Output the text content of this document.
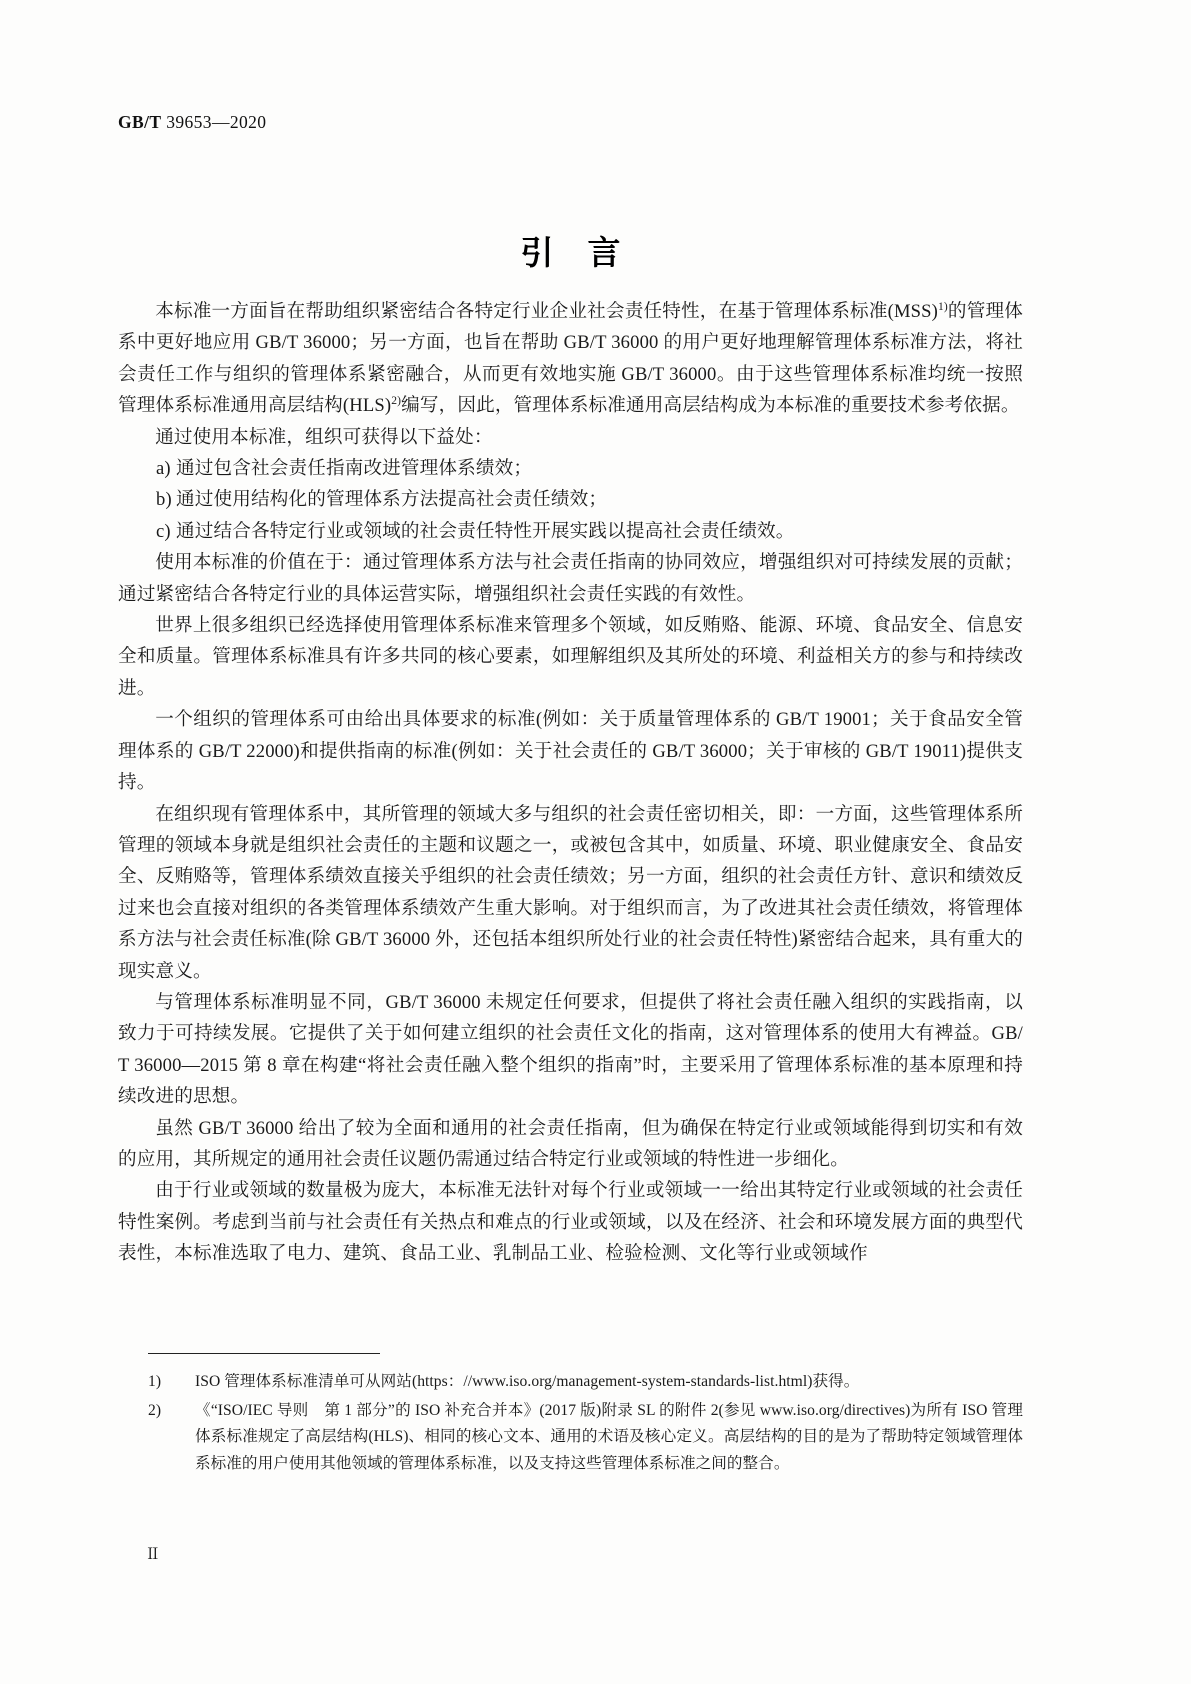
GB/T 39653—2020
引言

本标准一方面旨在帮助组织紧密结合各特定行业企业社会责任特性，在基于管理体系标准(MSS)$^{1)}$的管理体系中更好地应用 GB/T 36000；另一方面，也旨在帮助 GB/T 36000 的用户更好地理解管理体系标准方法，将社会责任工作与组织的管理体系紧密融合，从而更有效地实施 GB/T 36000。由于这些管理体系标准均统一按照管理体系标准通用高层结构(HLS)$^{2)}$编写，因此，管理体系标准通用高层结构成为本标准的重要技术参考依据。

通过使用本标准，组织可获得以下益处：

a) 通过包含社会责任指南改进管理体系绩效；
b) 通过使用结构化的管理体系方法提高社会责任绩效；
c) 通过结合各特定行业或领域的社会责任特性开展实践以提高社会责任绩效。

使用本标准的价值在于：通过管理体系方法与社会责任指南的协同效应，增强组织对可持续发展的贡献；通过紧密结合各特定行业的具体运营实际，增强组织社会责任实践的有效性。

世界上很多组织已经选择使用管理体系标准来管理多个领域，如反贿赂、能源、环境、食品安全、信息安全和质量。管理体系标准具有许多共同的核心要素，如理解组织及其所处的环境、利益相关方的参与和持续改进。

一个组织的管理体系可由给出具体要求的标准(例如：关于质量管理体系的 GB/T 19001；关于食品安全管理体系的 GB/T 22000)和提供指南的标准(例如：关于社会责任的 GB/T 36000；关于审核的 GB/T 19011)提供支持。

在组织现有管理体系中，其所管理的领域大多与组织的社会责任密切相关，即：一方面，这些管理体系所管理的领域本身就是组织社会责任的主题和议题之一，或被包含其中，如质量、环境、职业健康安全、食品安全、反贿赂等，管理体系绩效直接关乎组织的社会责任绩效；另一方面，组织的社会责任方针、意识和绩效反过来也会直接对组织的各类管理体系绩效产生重大影响。对于组织而言，为了改进其社会责任绩效，将管理体系方法与社会责任标准(除 GB/T 36000 外，还包括本组织所处行业的社会责任特性)紧密结合起来，具有重大的现实意义。

与管理体系标准明显不同，GB/T 36000 未规定任何要求，但提供了将社会责任融入组织的实践指南，以致力于可持续发展。它提供了关于如何建立组织的社会责任文化的指南，这对管理体系的使用大有裨益。GB/T 36000—2015 第 8 章在构建“将社会责任融入整个组织的指南”时，主要采用了管理体系标准的基本原理和持续改进的思想。

虽然 GB/T 36000 给出了较为全面和通用的社会责任指南，但为确保在特定行业或领域能得到切实和有效的应用，其所规定的通用社会责任议题仍需通过结合特定行业或领域的特性进一步细化。

由于行业或领域的数量极为庞大，本标准无法针对每个行业或领域一一给出其特定行业或领域的社会责任特性案例。考虑到当前与社会责任有关热点和难点的行业或领域，以及在经济、社会和环境发展方面的典型代表性，本标准选取了电力、建筑、食品工业、乳制品工业、检验检测、文化等行业或领域作

1)	ISO 管理体系标准清单可从网站(https：//www.iso.org/management-system-standards-list.html)获得。
2)	《“ISO/IEC 导则　第 1 部分”的 ISO 补充合并本》(2017 版)附录 SL 的附件 2(参见 www.iso.org/directives)为所有 ISO 管理体系标准规定了高层结构(HLS)、相同的核心文本、通用的术语及核心定义。高层结构的目的是为了帮助特定领域管理体系标准的用户使用其他领域的管理体系标准，以及支持这些管理体系标准之间的整合。
Ⅱ
